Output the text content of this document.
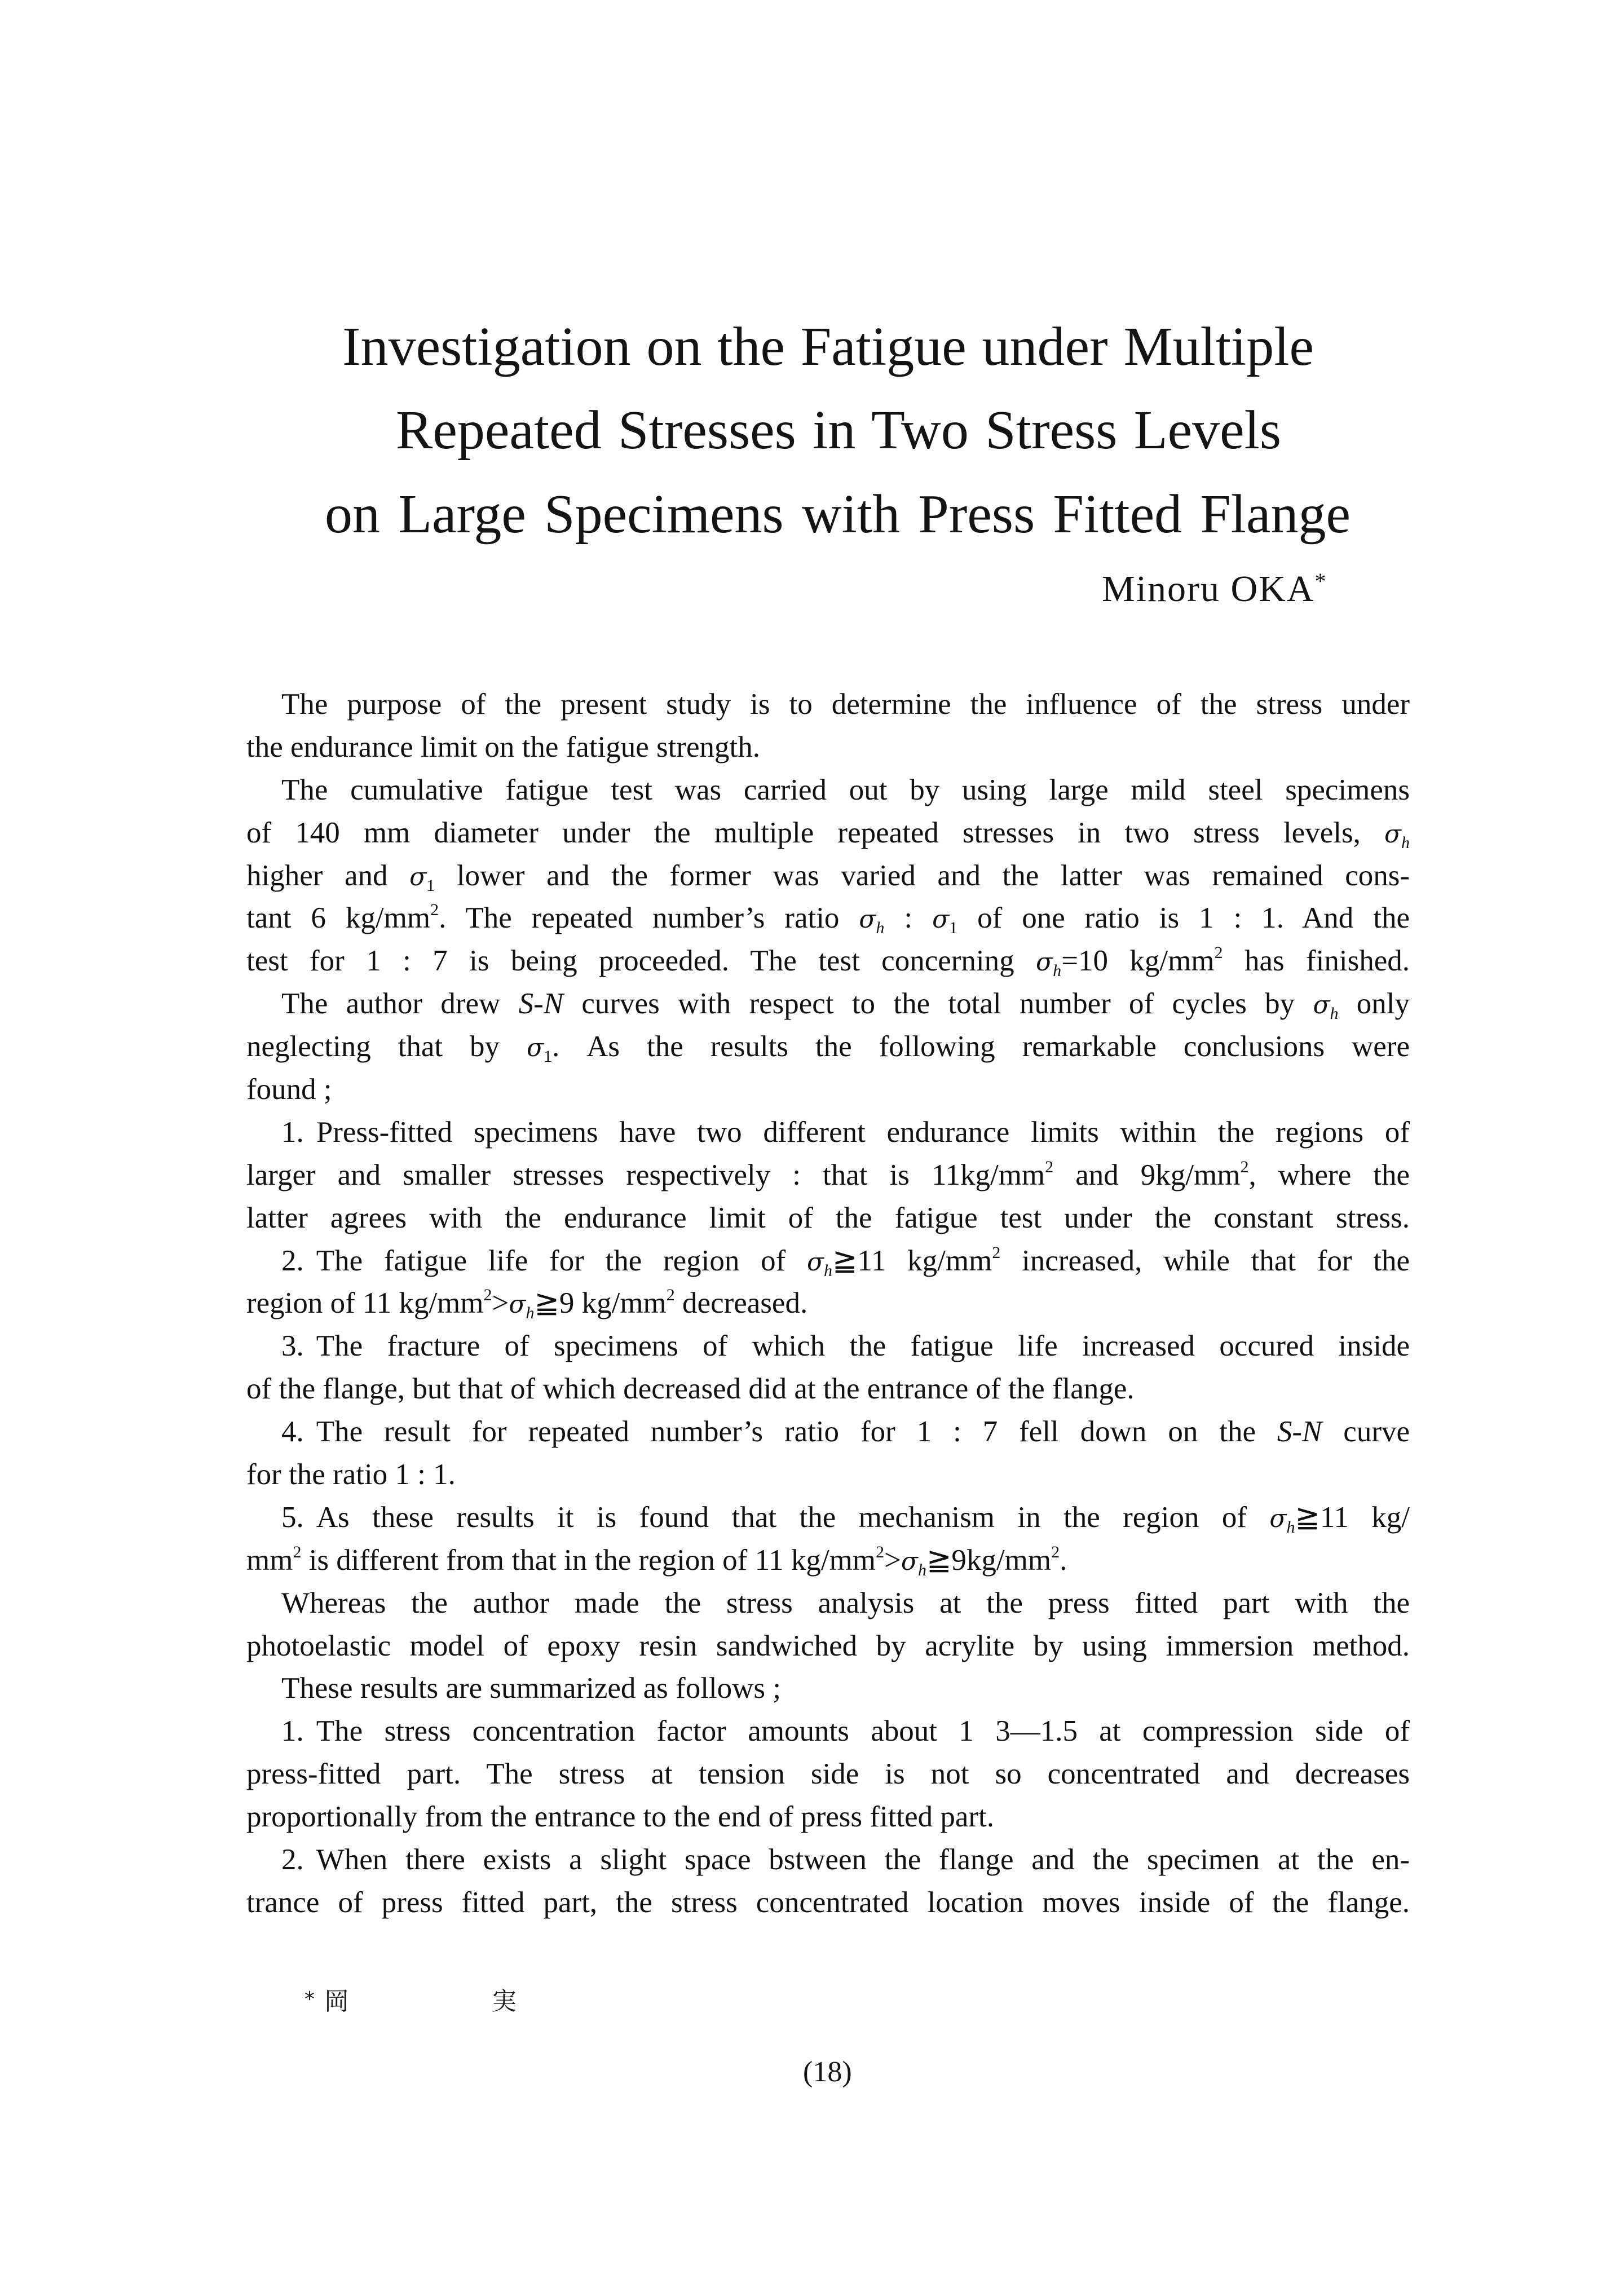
Investigation on the Fatigue under Multiple
Repeated Stresses in Two Stress Levels
on Large Specimens with Press Fitted Flange
Minoru OKA*
The purpose of the present study is to determine the influence of the stress under
the endurance limit on the fatigue strength.
The cumulative fatigue test was carried out by using large mild steel specimens
of 140 mm diameter under the multiple repeated stresses in two stress levels, σh
higher and σ1 lower and the former was varied and the latter was remained cons-
tant 6 $kg/mm^2$. The repeated number’s ratio σh : σ1 of one ratio is 1 : 1. And the
test for 1 : 7 is being proceeded. The test concerning σh=10 $kg/mm^2$ has finished.
The author drew S-N curves with respect to the total number of cycles by σh only
neglecting that by σ1. As the results the following remarkable conclusions were
found ;
1. Press-fitted specimens have two different endurance limits within the regions of
larger and smaller stresses respectively : that is $11kg/mm^2$ and $9kg/mm^2$, where the
latter agrees with the endurance limit of the fatigue test under the constant stress.
2. The fatigue life for the region of σh≧11 $kg/mm^2$ increased, while that for the
region of 11 $kg/mm^2>\sigma h≧9$ $kg/mm^2$ decreased.
3. The fracture of specimens of which the fatigue life increased occured inside
of the flange, but that of which decreased did at the entrance of the flange.
4. The result for repeated number’s ratio for 1 : 7 fell down on the S-N curve
for the ratio 1 : 1.
5. As these results it is found that the mechanism in the region of σh≧11 kg/
$mm^2$ is different from that in the region of 11 $kg/mm^2>\sigma h≧9kg/mm^2$.
Whereas the author made the stress analysis at the press fitted part with the
photoelastic model of epoxy resin sandwiched by acrylite by using immersion method.
These results are summarized as follows ;
1. The stress concentration factor amounts about 1 3—1.5 at compression side of
press-fitted part. The stress at tension side is not so concentrated and decreases
proportionally from the entrance to the end of press fitted part.
2. When there exists a slight space bstween the flange and the specimen at the en-
trance of press fitted part, the stress concentrated location moves inside of the flange.
* 岡	実
(18)
